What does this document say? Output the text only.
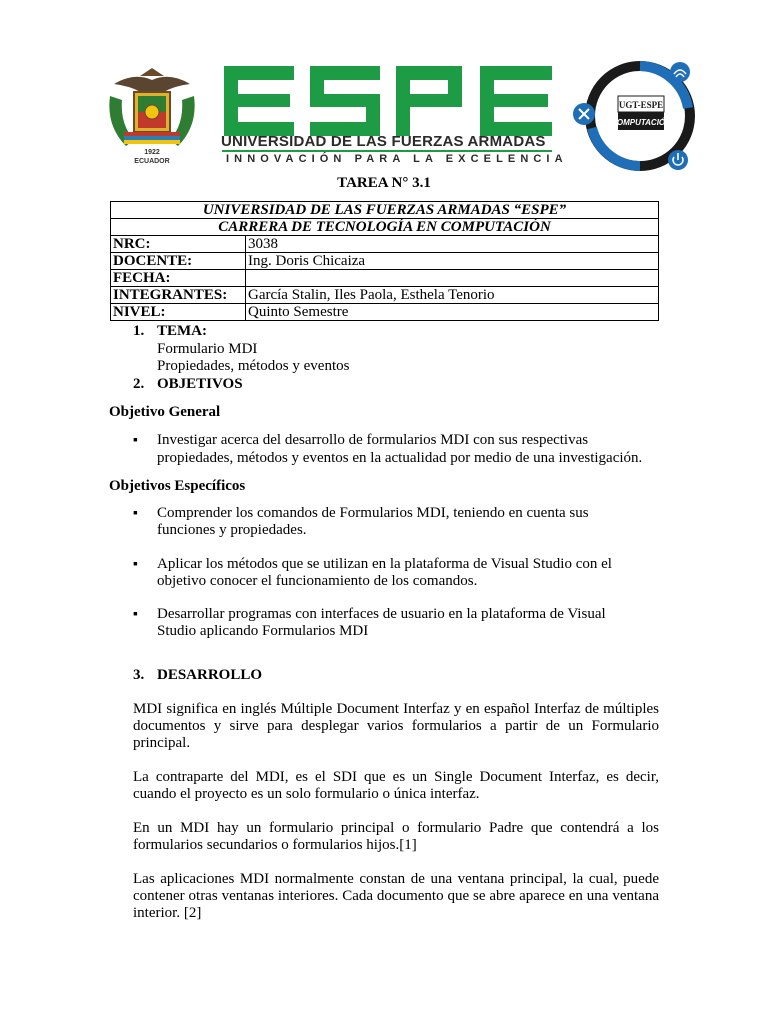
1922
ECUADOR
UNIVERSIDAD DE LAS FUERZAS ARMADAS
INNOVACIÓN PARA LA EXCELENCIA
UGT-ESPE
COMPUTACIÓN
TAREA N° 3.1
UNIVERSIDAD DE LAS FUERZAS ARMADAS “ESPE”	
CARRERA DE TECNOLOGÍA EN COMPUTACIÓN	
NRC:	3038
DOCENTE:	Ing. Doris Chicaiza
FECHA:	
INTEGRANTES:	García Stalin, Iles Paola, Esthela Tenorio
NIVEL:	Quinto Semestre
1. TEMA:
Formulario MDI
Propiedades, métodos y eventos
2. OBJETIVOS
Objetivo General
▪ Investigar acerca del desarrollo de formularios MDI con sus respectivas
propiedades, métodos y eventos en la actualidad por medio de una investigación.
Objetivos Específicos
▪ Comprender los comandos de Formularios MDI, teniendo en cuenta sus
funciones y propiedades.
▪ Aplicar los métodos que se utilizan en la plataforma de Visual Studio con el
objetivo conocer el funcionamiento de los comandos.
▪ Desarrollar programas con interfaces de usuario en la plataforma de Visual
Studio aplicando Formularios MDI
3. DESARROLLO
MDI significa en inglés Múltiple Document Interfaz y en español Interfaz de múltiples documentos y sirve para desplegar varios formularios a partir de un Formulario principal.
La contraparte del MDI, es el SDI que es un Single Document Interfaz, es decir, cuando el proyecto es un solo formulario o única interfaz.
En un MDI hay un formulario principal o formulario Padre que contendrá a los formularios secundarios o formularios hijos.[1]
Las aplicaciones MDI normalmente constan de una ventana principal, la cual, puede contener otras ventanas interiores. Cada documento que se abre aparece en una ventana interior. [2]
